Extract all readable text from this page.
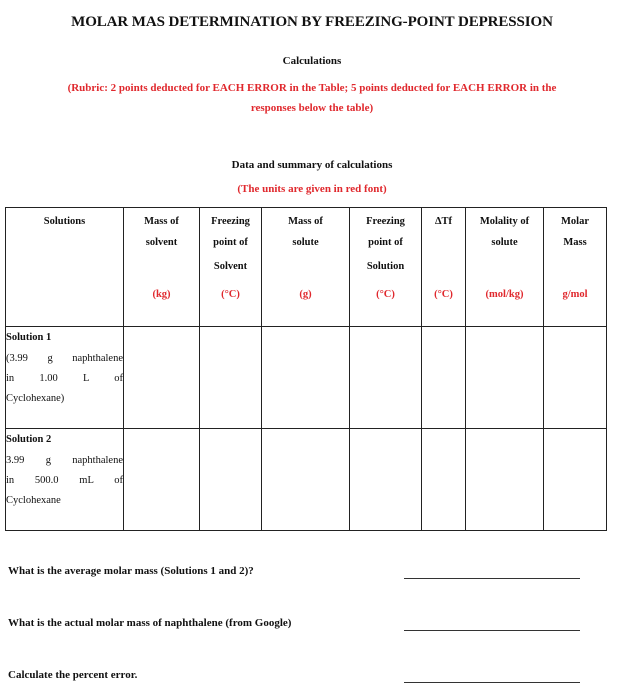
MOLAR MAS DETERMINATION BY FREEZING-POINT DEPRESSION
Calculations
(Rubric: 2 points deducted for EACH ERROR in the Table; 5 points deducted for EACH ERROR in the
responses below the table)
Data and summary of calculations
(The units are given in red font)
Solutions	Mass of
solvent
(kg)	Freezing
point of
Solvent
(°C)	Mass of
solute
(g)	Freezing
point of
Solution
(°C)	ΔTf
(°C)	Molality of
solute
(mol/kg)	Molar
Mass
g/mol

Solution 1
(3.99 g naphthalene
in 1.00 L of
Cyclohexane)							

Solution 2
3.99 g naphthalene
in 500.0 mL of
Cyclohexane							

What is the average molar mass (Solutions 1 and 2)?
What is the actual molar mass of naphthalene (from Google)
Calculate the percent error.
